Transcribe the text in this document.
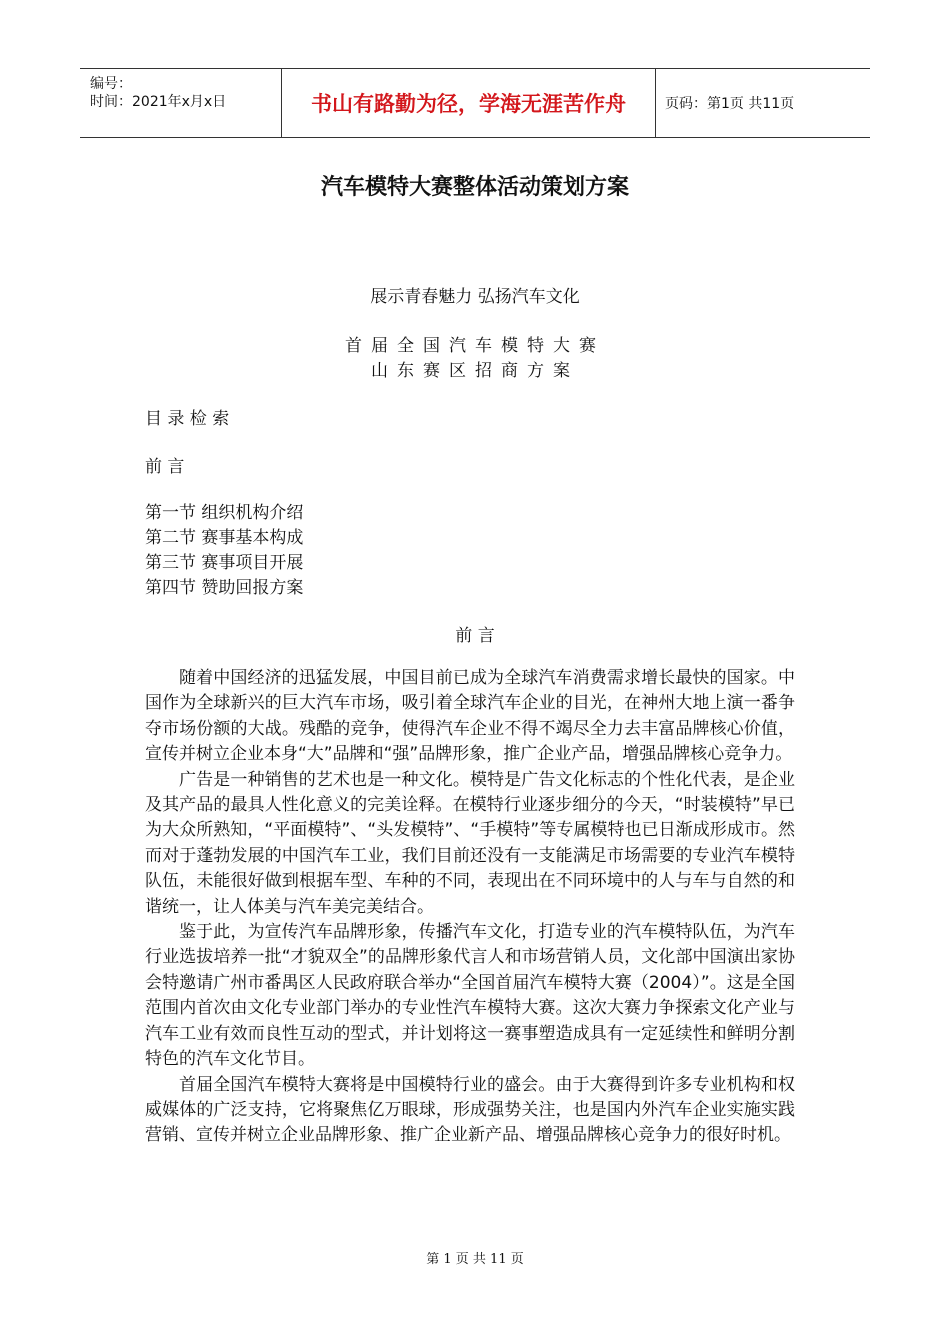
编号：
时间：2021年x月x日	书山有路勤为径，学海无涯苦作舟	页码：第1页 共11页
汽车模特大赛整体活动策划方案
展示青春魅力 弘扬汽车文化
首届全国汽车模特大赛
山东赛区招商方案
目 录 检 索
前 言
第一节 组织机构介绍
第二节 赛事基本构成
第三节 赛事项目开展
第四节 赞助回报方案
前 言

随着中国经济的迅猛发展，中国目前已成为全球汽车消费需求增长最快的国家。中国作为全球新兴的巨大汽车市场，吸引着全球汽车企业的目光，在神州大地上演一番争夺市场份额的大战。残酷的竞争，使得汽车企业不得不竭尽全力去丰富品牌核心价值，宣传并树立企业本身“大”品牌和“强”品牌形象，推广企业产品，增强品牌核心竞争力。

广告是一种销售的艺术也是一种文化。模特是广告文化标志的个性化代表，是企业及其产品的最具人性化意义的完美诠释。在模特行业逐步细分的今天，“时装模特”早已为大众所熟知，“平面模特”、“头发模特”、“手模特”等专属模特也已日渐成形成市。然而对于蓬勃发展的中国汽车工业，我们目前还没有一支能满足市场需要的专业汽车模特队伍，未能很好做到根据车型、车种的不同，表现出在不同环境中的人与车与自然的和谐统一，让人体美与汽车美完美结合。

鉴于此，为宣传汽车品牌形象，传播汽车文化，打造专业的汽车模特队伍，为汽车行业选拔培养一批“才貌双全”的品牌形象代言人和市场营销人员，文化部中国演出家协会特邀请广州市番禺区人民政府联合举办“全国首届汽车模特大赛（2004）”。这是全国范围内首次由文化专业部门举办的专业性汽车模特大赛。这次大赛力争探索文化产业与汽车工业有效而良性互动的型式，并计划将这一赛事塑造成具有一定延续性和鲜明分割特色的汽车文化节目。

首届全国汽车模特大赛将是中国模特行业的盛会。由于大赛得到许多专业机构和权威媒体的广泛支持，它将聚焦亿万眼球，形成强势关注，也是国内外汽车企业实施实践营销、宣传并树立企业品牌形象、推广企业新产品、增强品牌核心竞争力的很好时机。

第 1 页 共 11 页
